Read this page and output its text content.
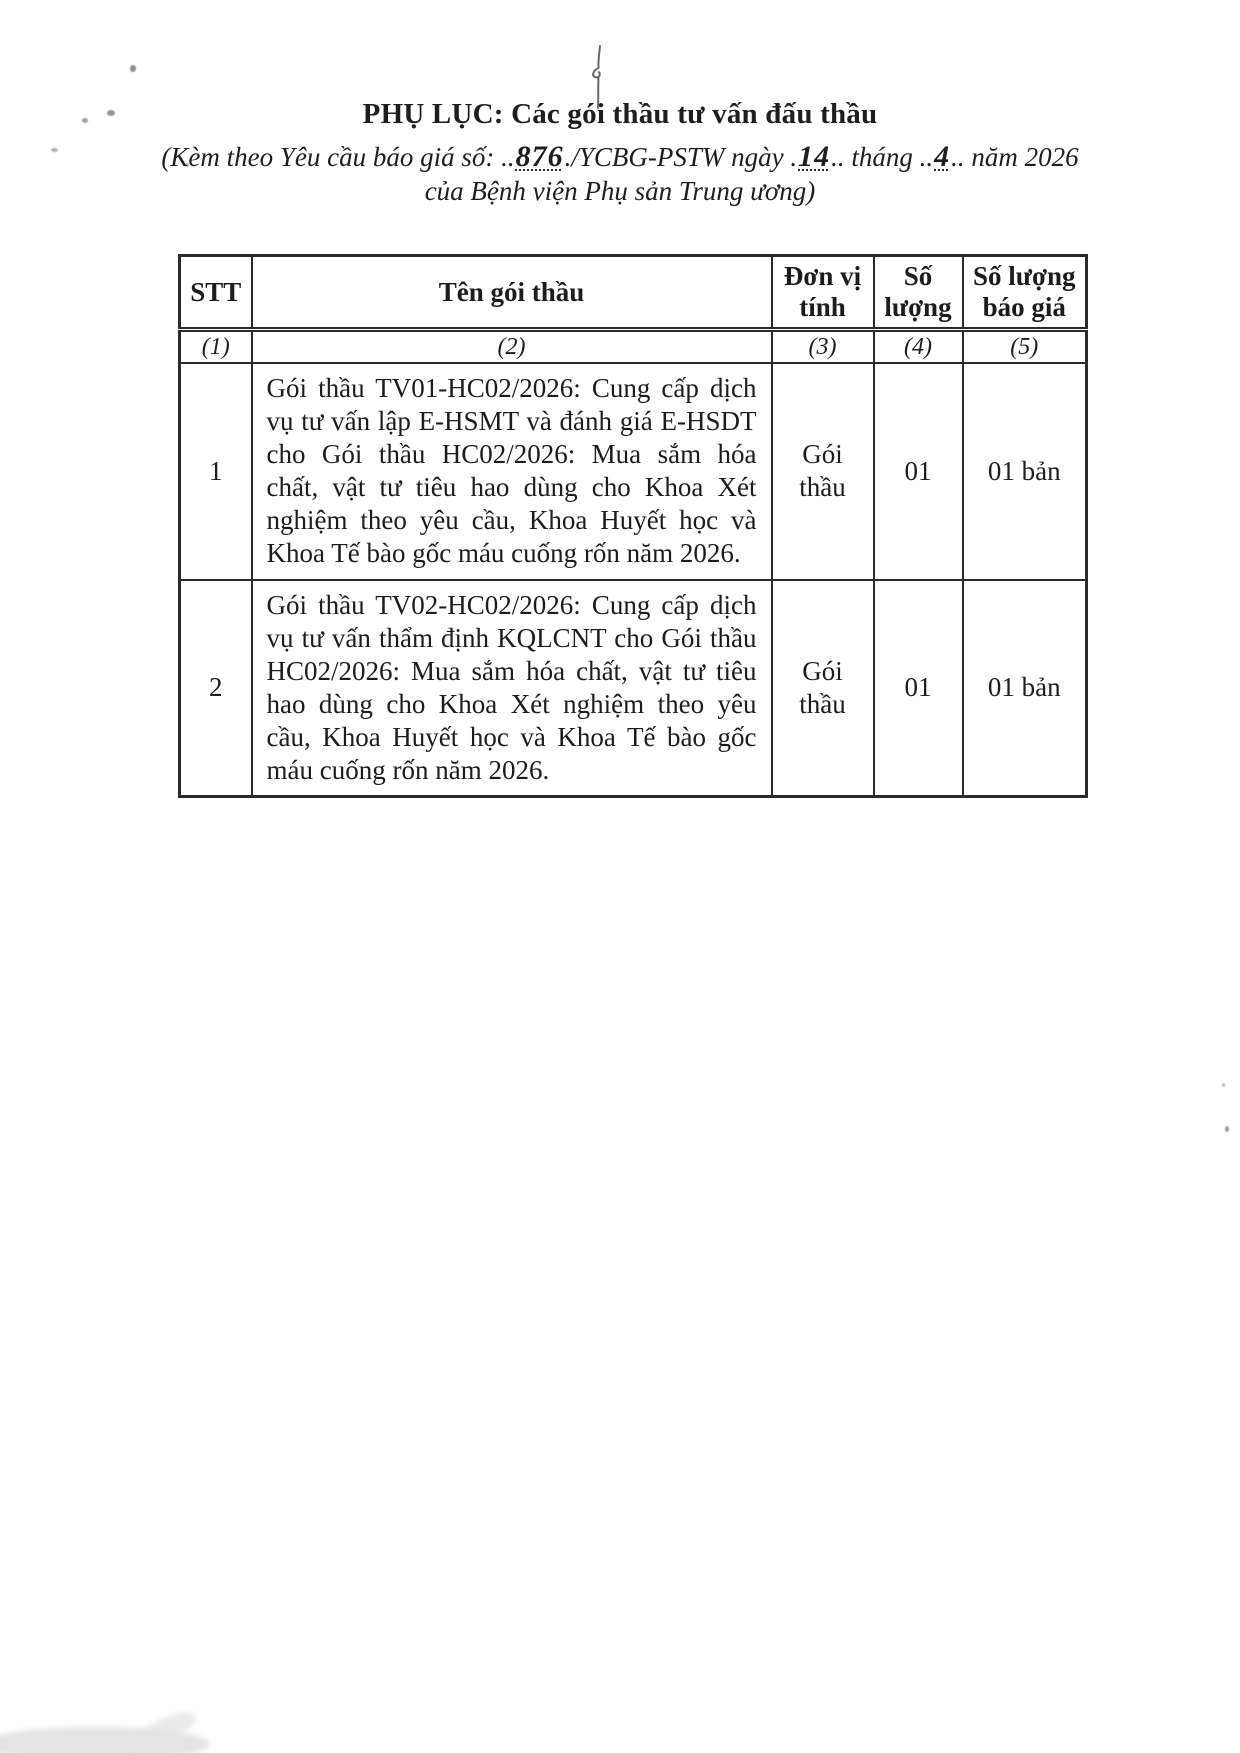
PHỤ LỤC: Các gói thầu tư vấn đấu thầu
(Kèm theo Yêu cầu báo giá số: ..876./YCBG-PSTW ngày .14.. tháng ..4.. năm 2026
của Bệnh viện Phụ sản Trung ương)
STT	Tên gói thầu	Đơn vị tính	Số lượng	Số lượng báo giá
(1)	(2)	(3)	(4)	(5)
1	Gói thầu TV01-HC02/2026: Cung cấp dịch vụ tư vấn lập E-HSMT và đánh giá E-HSDT cho Gói thầu HC02/2026: Mua sắm hóa chất, vật tư tiêu hao dùng cho Khoa Xét nghiệm theo yêu cầu, Khoa Huyết học và Khoa Tế bào gốc máu cuống rốn năm 2026.	Gói thầu	01	01 bản
2	Gói thầu TV02-HC02/2026: Cung cấp dịch vụ tư vấn thẩm định KQLCNT cho Gói thầu HC02/2026: Mua sắm hóa chất, vật tư tiêu hao dùng cho Khoa Xét nghiệm theo yêu cầu, Khoa Huyết học và Khoa Tế bào gốc máu cuống rốn năm 2026.	Gói thầu	01	01 bản
